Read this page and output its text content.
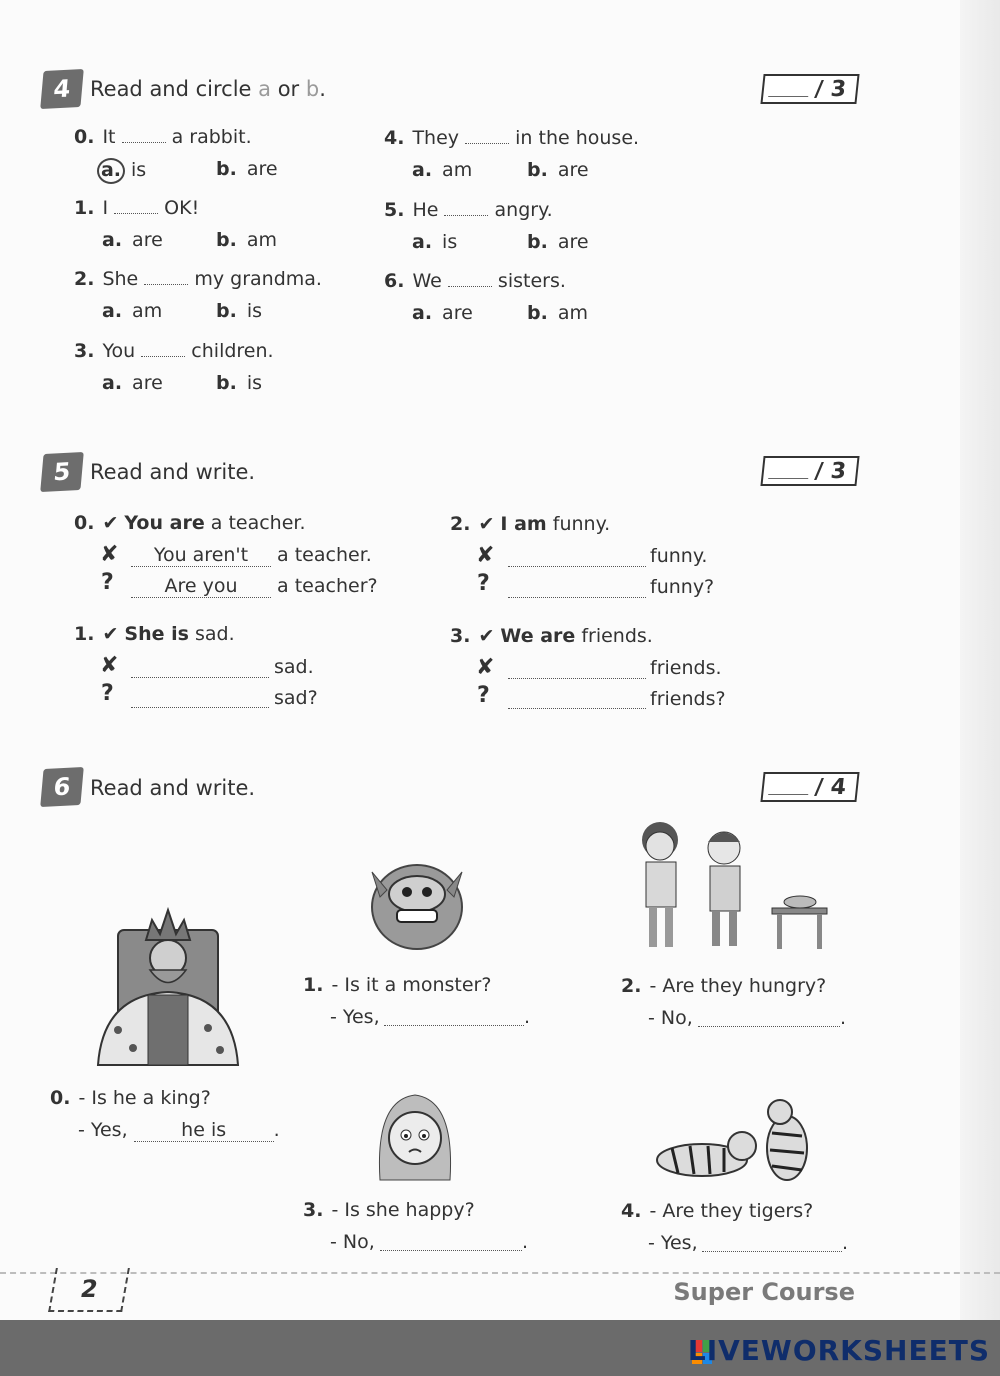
4 Read and circle a or b.	/ 3
0. It	a rabbit.
a. is	b. are
1. I	OK!
a. are	b. am
2. She	my grandma.
a. am	b. is
3. You	children.
a. are	b. is
4. They	in the house.
a. am	b. are
5. He	angry.
a. is	b. are
6. We	sisters.
a. are	b. am
5 Read and write.	/ 3
0. ✔ You are a teacher.
✘	You aren't a teacher.
?	Are you a teacher?
1. ✔ She is sad.
✘	sad.
?	sad?
2. ✔ I am funny.
✘	funny.
?	funny?
3. ✔ We are friends.
✘	friends.
?	friends?
6 Read and write.	/ 4
0. - Is he a king?
- Yes,	he is	.
1. - Is it a monster?
- Yes,	.
2. - Are they hungry?
- No,	.
3. - Is she happy?
- No,	.
4. - Are they tigers?
- Yes,	.
2	Super Course
LIVEWORKSHEETS
